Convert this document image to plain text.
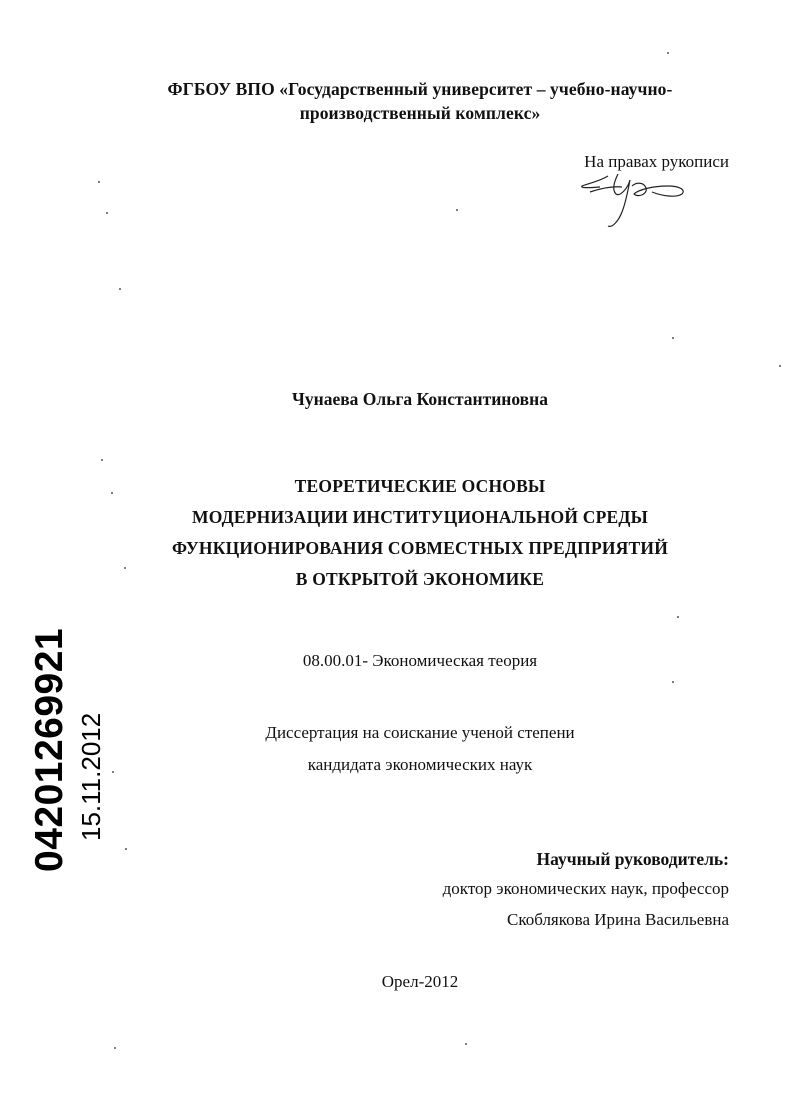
ФГБОУ ВПО «Государственный университет – учебно-научно-
производственный комплекс»
На правах рукописи
Чунаева Ольга Константиновна
ТЕОРЕТИЧЕСКИЕ ОСНОВЫ
МОДЕРНИЗАЦИИ ИНСТИТУЦИОНАЛЬНОЙ СРЕДЫ
ФУНКЦИОНИРОВАНИЯ СОВМЕСТНЫХ ПРЕДПРИЯТИЙ
В ОТКРЫТОЙ ЭКОНОМИКЕ
08.00.01- Экономическая теория
Диссертация на соискание ученой степени
кандидата экономических наук
Научный руководитель:
доктор экономических наук, профессор
Скоблякова Ирина Васильевна
Орел-2012
04201269921 15.11.2012
